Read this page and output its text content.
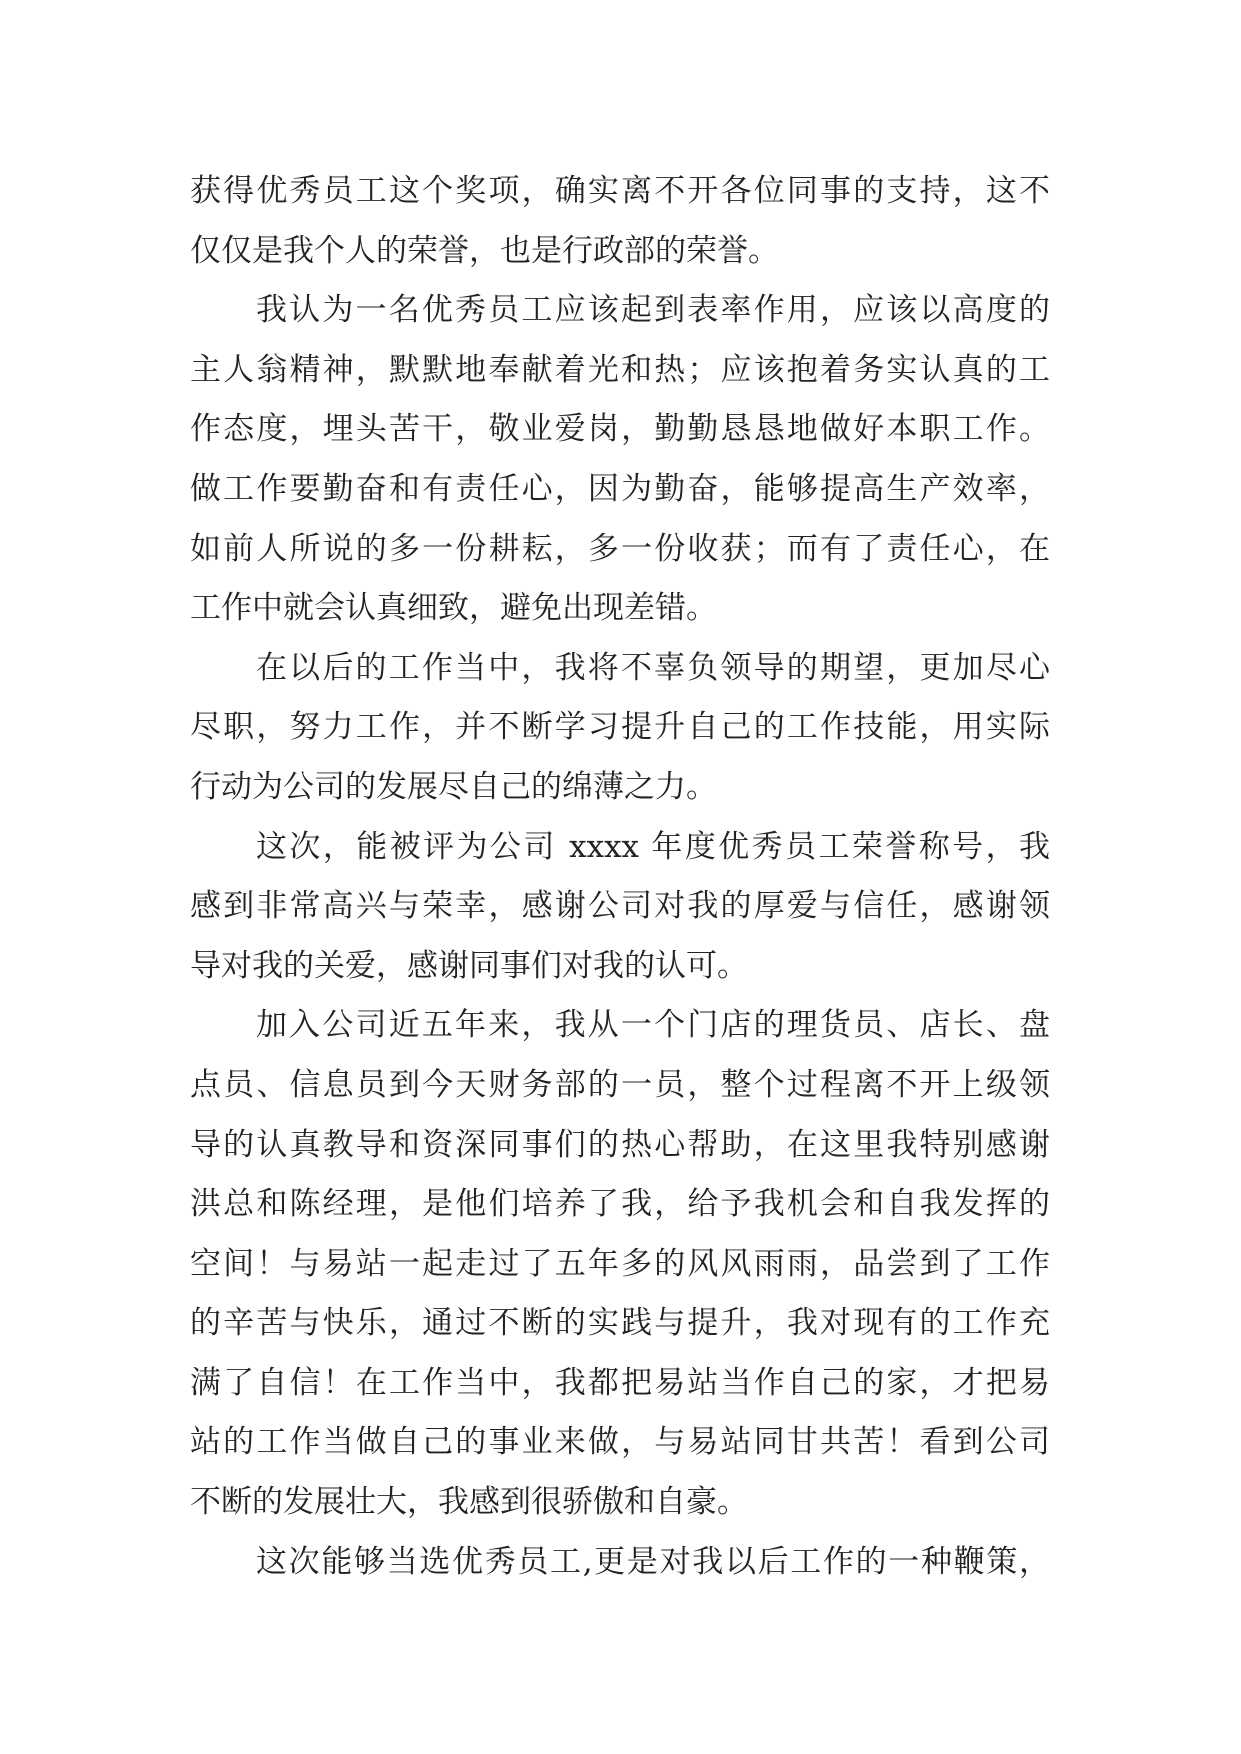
获得优秀员工这个奖项，确实离不开各位同事的支持，这不
仅仅是我个人的荣誉，也是行政部的荣誉。
我认为一名优秀员工应该起到表率作用，应该以高度的
主人翁精神，默默地奉献着光和热；应该抱着务实认真的工
作态度，埋头苦干，敬业爱岗，勤勤恳恳地做好本职工作。
做工作要勤奋和有责任心，因为勤奋，能够提高生产效率，
如前人所说的多一份耕耘，多一份收获；而有了责任心，在
工作中就会认真细致，避免出现差错。
在以后的工作当中，我将不辜负领导的期望，更加尽心
尽职，努力工作，并不断学习提升自己的工作技能，用实际
行动为公司的发展尽自己的绵薄之力。
这次，能被评为公司 xxxx 年度优秀员工荣誉称号，我
感到非常高兴与荣幸，感谢公司对我的厚爱与信任，感谢领
导对我的关爱，感谢同事们对我的认可。
加入公司近五年来，我从一个门店的理货员、店长、盘
点员、信息员到今天财务部的一员，整个过程离不开上级领
导的认真教导和资深同事们的热心帮助，在这里我特别感谢
洪总和陈经理，是他们培养了我，给予我机会和自我发挥的
空间！与易站一起走过了五年多的风风雨雨，品尝到了工作
的辛苦与快乐，通过不断的实践与提升，我对现有的工作充
满了自信！在工作当中，我都把易站当作自己的家，才把易
站的工作当做自己的事业来做，与易站同甘共苦！看到公司
不断的发展壮大，我感到很骄傲和自豪。
这次能够当选优秀员工,更是对我以后工作的一种鞭策，
